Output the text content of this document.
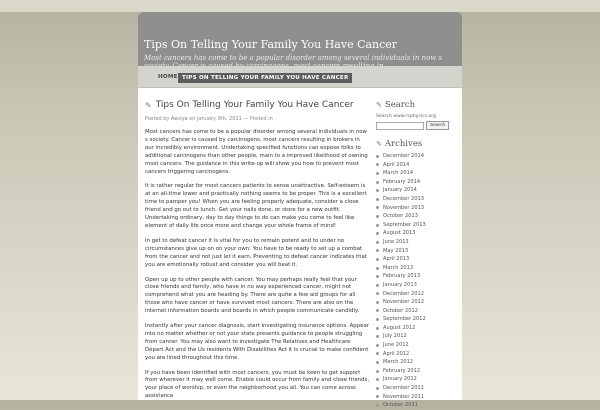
Tips On Telling Your Family You Have Cancer
Most cancers has come to be a popular disorder among several individuals in now s
HOME TIPS ON TELLING YOUR FAMILY YOU HAVE CANCER
✎ Tips On Telling Your Family You Have Cancer
Posted by Aeciya on January 9th, 2011 — Posted in

Most cancers has come to be a popular disorder among several individuals in now s society. Cancer is caused by carcinogens, most cancers resulting in brokers in our incredibly environment. Undertaking specified functions can expose folks to additional carcinogens than other people, main to a improved likelihood of owning most cancers. The guidance in this write-up will show you how to prevent most cancers triggering carcinogens.

It is rather regular for most cancers patients to sense unattractive. Self-esteem is at an all-time lower and practically nothing seems to be proper. This is a excellent time to pamper you! When you are feeling properly adequate, consider a close friend and go out to lunch. Get your nails done, or store for a new outfit. Undertaking ordinary, day to day things to do can make you come to feel like element of daily life once more and change your whole frame of mind!

In get to defeat cancer it is vital for you to remain potent and to under no circumstances give up on on your own. You have to be ready to set up a combat from the cancer and not just let it earn. Preventing to defeat cancer indicates that you are emotionally robust and consider you will beat it.

Open up up to other people with cancer. You may perhaps really feel that your close friends and family, who have in no way experienced cancer, might not comprehend what you are heading by. There are quite a few aid groups for all those who have cancer or have survived most cancers. There are also on the internet information boards and boards in which people communicate candidly.

Instantly after your cancer diagnosis, start investigating insurance options. Appear into no matter whether or not your state presents guidance to people struggling from cancer. You may also want to investigate The Relatives and Healthcare Depart Act and the Us residents With Disabilities Act it is crucial to make confident you are lined throughout this time.

If you have been identified with most cancers, you must be keen to get support from wherever it may well come. Enable could occur from family and close friends, your place of worship, or even the neighborhood you all. You can come across assistance

✎ Search
Search www.rsphysics.org
Search
✎ Archives
December 2014
April 2014
March 2014
February 2014
January 2014
December 2013
November 2013
October 2013
September 2013
August 2013
June 2013
May 2013
April 2013
March 2013
February 2013
January 2013
December 2012
November 2012
October 2012
September 2012
August 2012
July 2012
June 2012
April 2012
March 2012
February 2012
January 2012
December 2011
November 2011
October 2011
